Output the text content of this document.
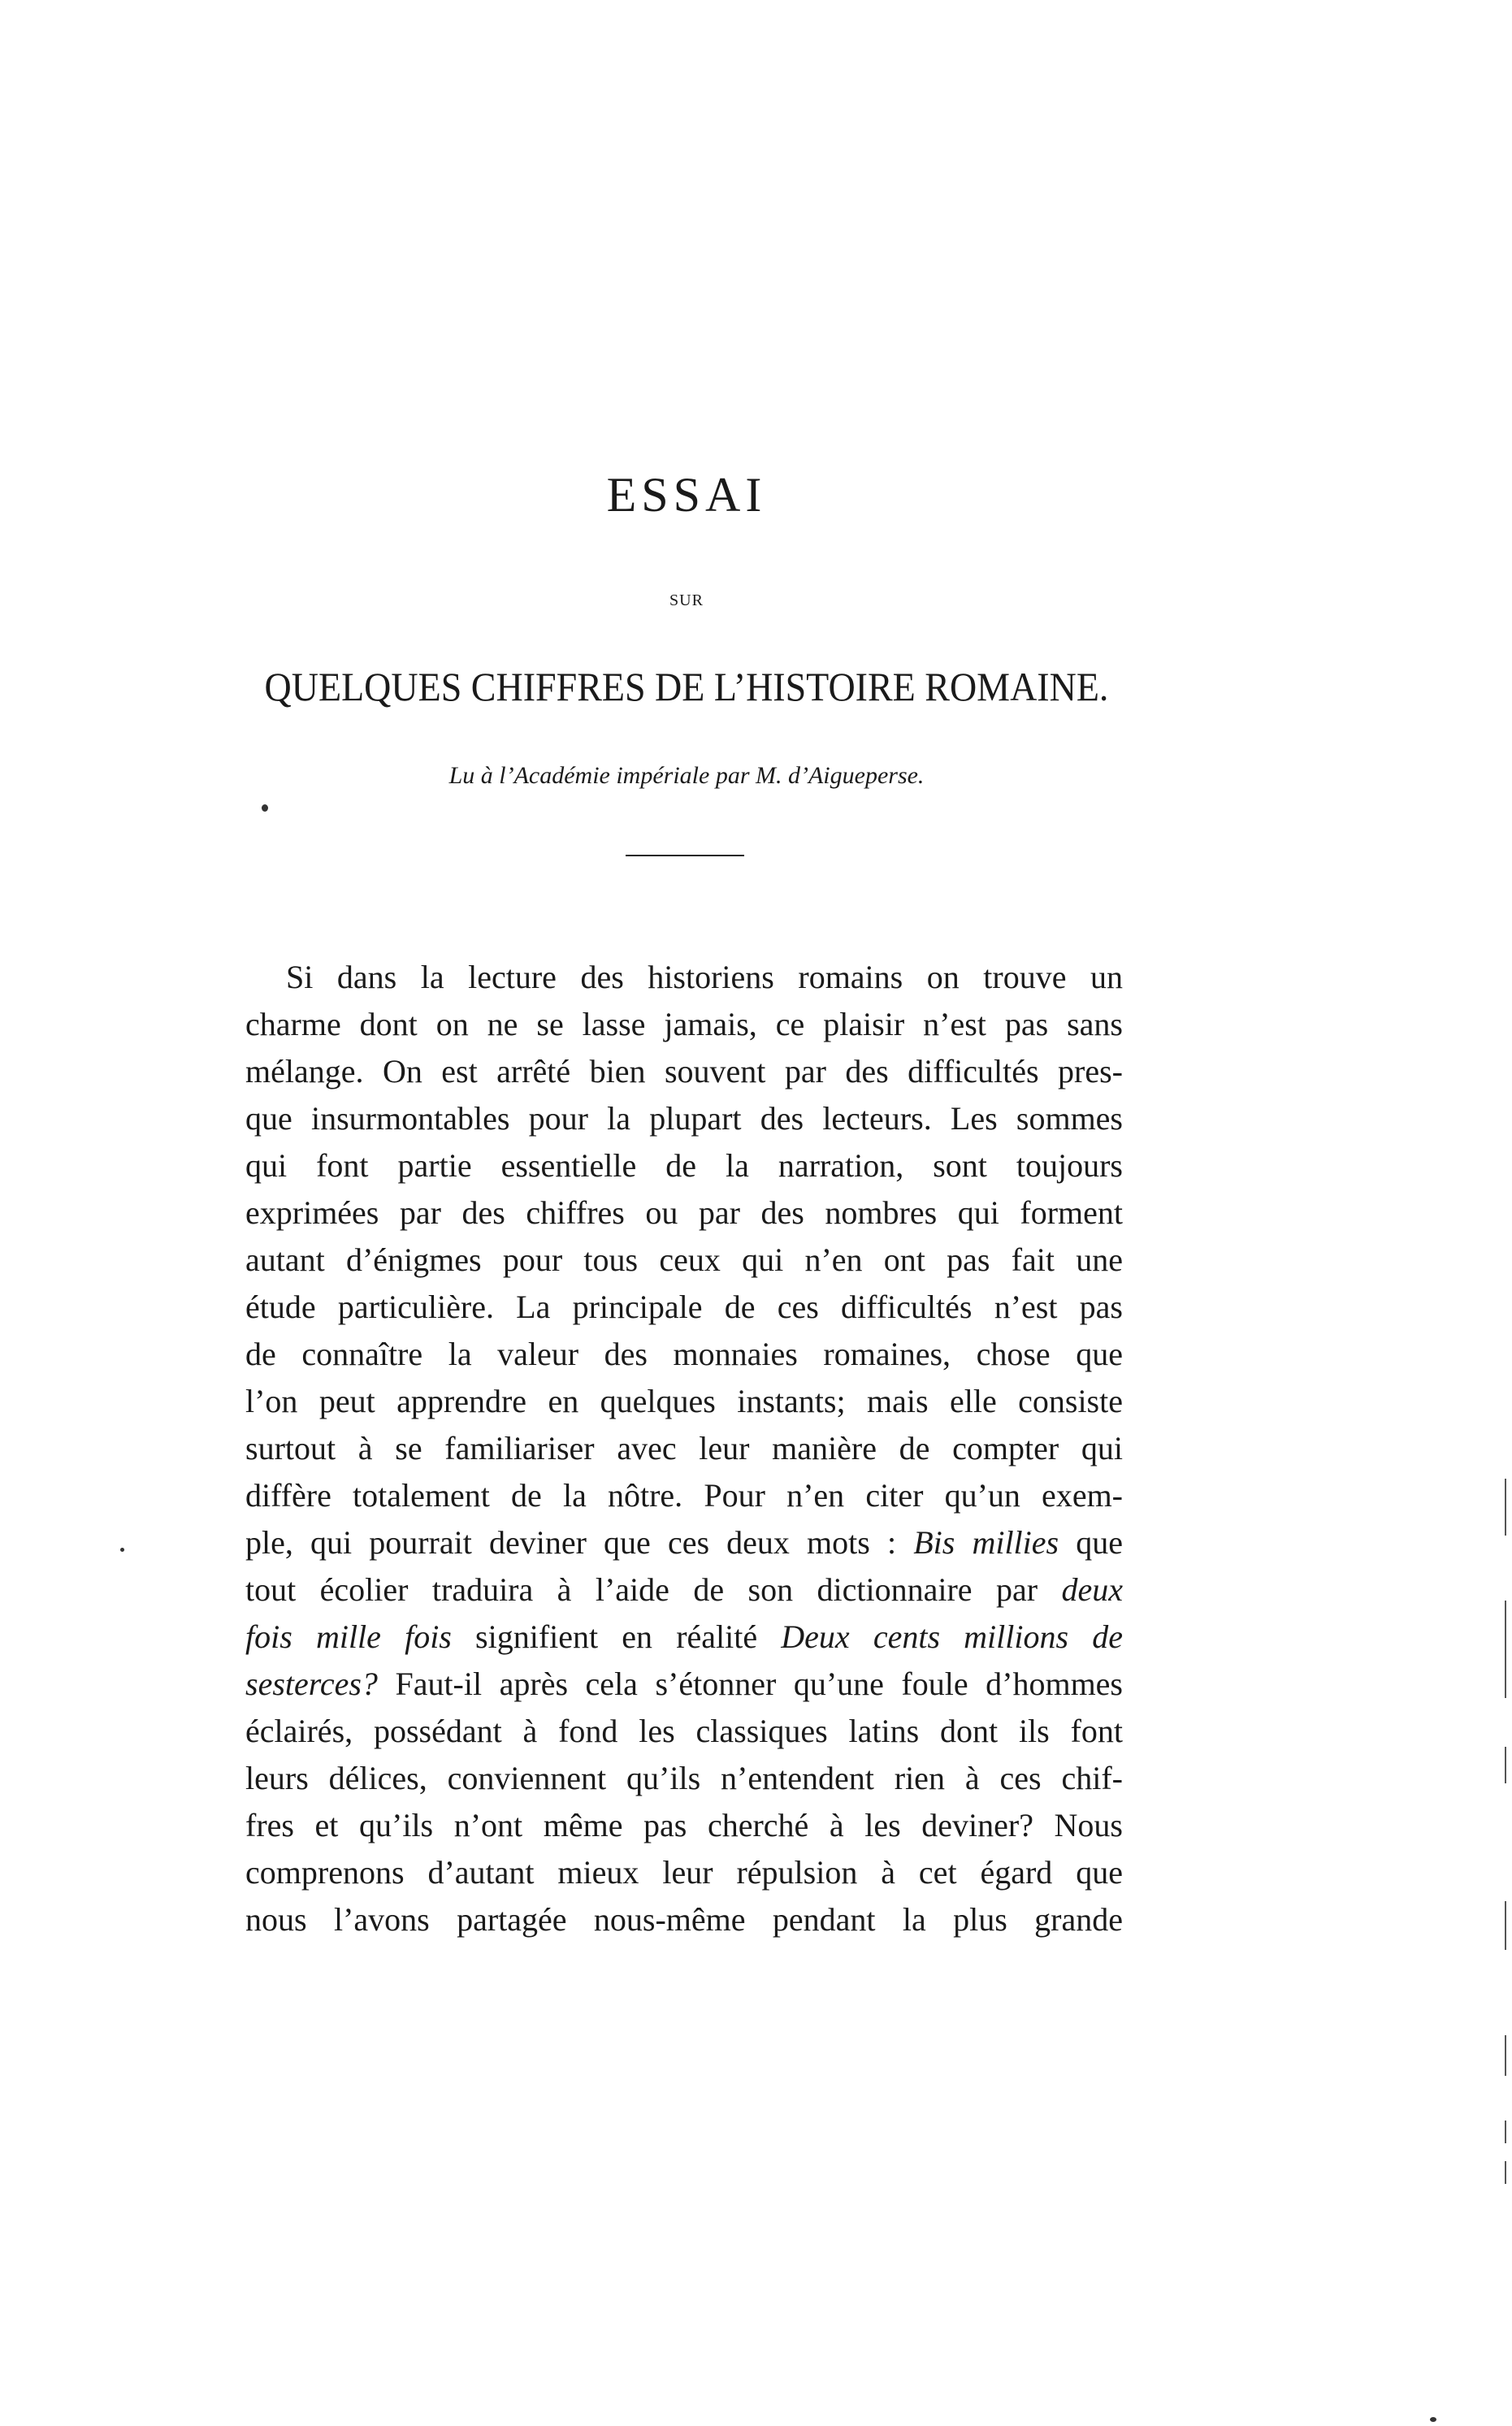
ESSAI
SUR
QUELQUES CHIFFRES DE L’HISTOIRE ROMAINE.
Lu à l’Académie impériale par M. d’Aigueperse.
Si dans la lecture des historiens romains on trouve un
charme dont on ne se lasse jamais, ce plaisir n’est pas sans
mélange. On est arrêté bien souvent par des difficultés pres-
que insurmontables pour la plupart des lecteurs. Les sommes
qui font partie essentielle de la narration, sont toujours
exprimées par des chiffres ou par des nombres qui forment
autant d’énigmes pour tous ceux qui n’en ont pas fait une
étude particulière. La principale de ces difficultés n’est pas
de connaître la valeur des monnaies romaines, chose que
l’on peut apprendre en quelques instants; mais elle consiste
surtout à se familiariser avec leur manière de compter qui
diffère totalement de la nôtre. Pour n’en citer qu’un exem-
ple, qui pourrait deviner que ces deux mots : Bis millies que
tout écolier traduira à l’aide de son dictionnaire par deux
fois mille fois signifient en réalité Deux cents millions de
sesterces? Faut-il après cela s’étonner qu’une foule d’hommes
éclairés, possédant à fond les classiques latins dont ils font
leurs délices, conviennent qu’ils n’entendent rien à ces chif-
fres et qu’ils n’ont même pas cherché à les deviner? Nous
comprenons d’autant mieux leur répulsion à cet égard que
nous l’avons partagée nous-même pendant la plus grande
